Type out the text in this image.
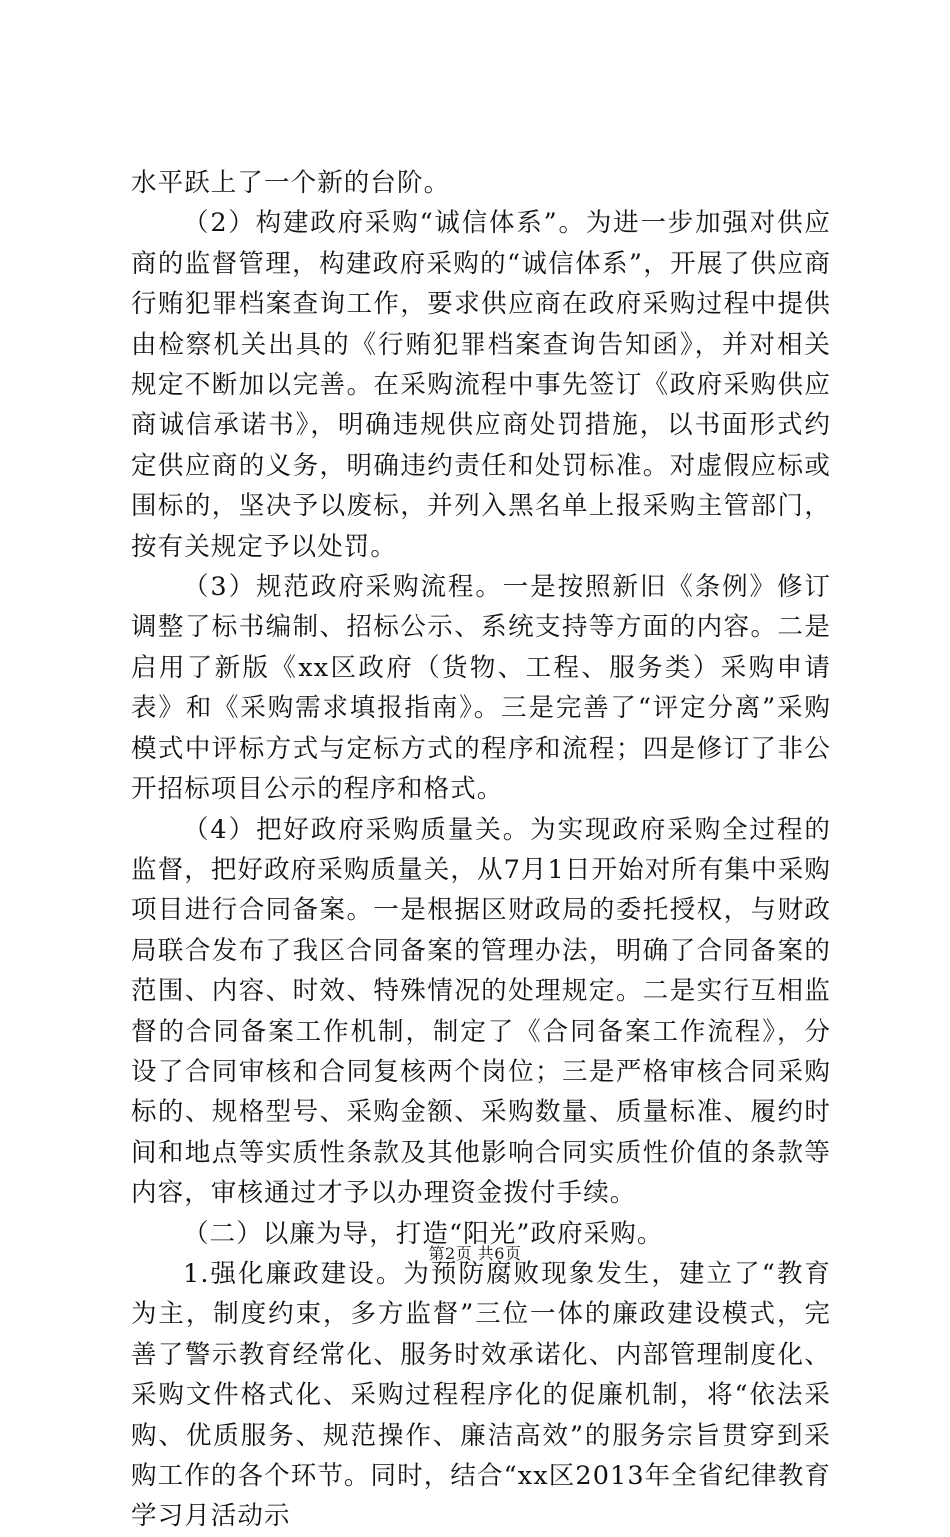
水平跃上了一个新的台阶。

（2）构建政府采购“诚信体系”。为进一步加强对供应商的监督管理，构建政府采购的“诚信体系”，开展了供应商行贿犯罪档案查询工作，要求供应商在政府采购过程中提供由检察机关出具的《行贿犯罪档案查询告知函》，并对相关规定不断加以完善。在采购流程中事先签订《政府采购供应商诚信承诺书》，明确违规供应商处罚措施，以书面形式约定供应商的义务，明确违约责任和处罚标准。对虚假应标或围标的，坚决予以废标，并列入黑名单上报采购主管部门，按有关规定予以处罚。

（3）规范政府采购流程。一是按照新旧《条例》修订调整了标书编制、招标公示、系统支持等方面的内容。二是启用了新版《xx区政府（货物、工程、服务类）采购申请表》和《采购需求填报指南》。三是完善了“评定分离”采购模式中评标方式与定标方式的程序和流程；四是修订了非公开招标项目公示的程序和格式。

（4）把好政府采购质量关。为实现政府采购全过程的监督，把好政府采购质量关，从7月1日开始对所有集中采购项目进行合同备案。一是根据区财政局的委托授权，与财政局联合发布了我区合同备案的管理办法，明确了合同备案的范围、内容、时效、特殊情况的处理规定。二是实行互相监督的合同备案工作机制，制定了《合同备案工作流程》，分设了合同审核和合同复核两个岗位；三是严格审核合同采购标的、规格型号、采购金额、采购数量、质量标准、履约时间和地点等实质性条款及其他影响合同实质性价值的条款等内容，审核通过才予以办理资金拨付手续。

（二）以廉为导，打造“阳光”政府采购。

1.强化廉政建设。为预防腐败现象发生，建立了“教育为主，制度约束，多方监督”三位一体的廉政建设模式，完善了警示教育经常化、服务时效承诺化、内部管理制度化、采购文件格式化、采购过程程序化的促廉机制，将“依法采购、优质服务、规范操作、廉洁高效”的服务宗旨贯穿到采购工作的各个环节。同时，结合“xx区2013年全省纪律教育学习月活动示

第2页 共6页
